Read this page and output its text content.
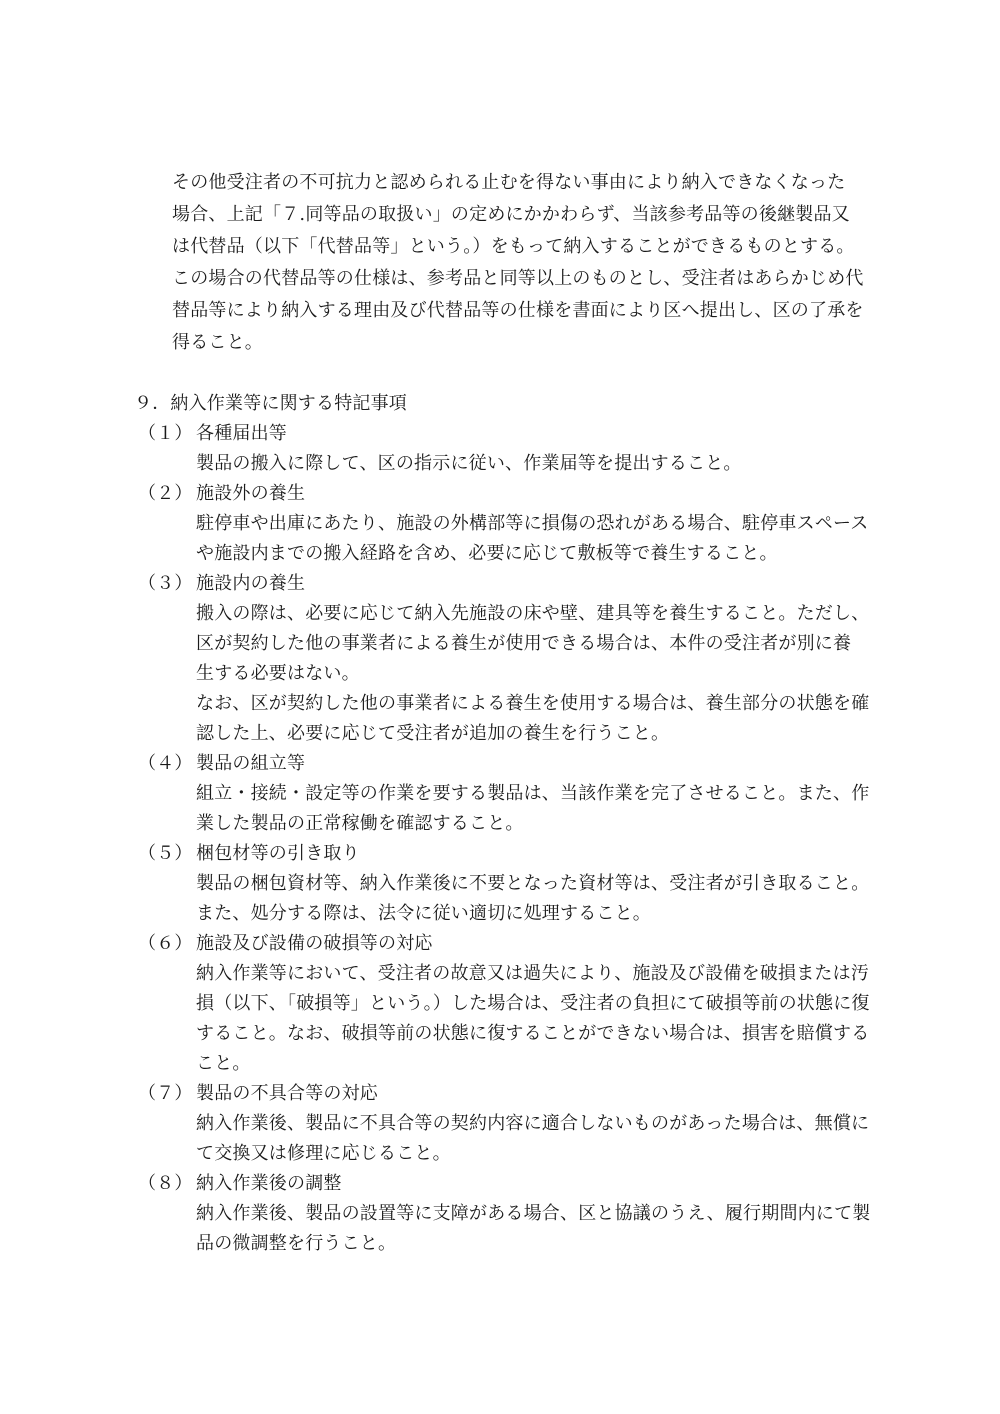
その他受注者の不可抗力と認められる止むを得ない事由により納入できなくなった
場合、上記「７.同等品の取扱い」の定めにかかわらず、当該参考品等の後継製品又
は代替品（以下「代替品等」という。）をもって納入することができるものとする。
この場合の代替品等の仕様は、参考品と同等以上のものとし、受注者はあらかじめ代
替品等により納入する理由及び代替品等の仕様を書面により区へ提出し、区の了承を
得ること。
９．納入作業等に関する特記事項
（１） 各種届出等
製品の搬入に際して、区の指示に従い、作業届等を提出すること。
（２） 施設外の養生
駐停車や出庫にあたり、施設の外構部等に損傷の恐れがある場合、駐停車スペース
や施設内までの搬入経路を含め、必要に応じて敷板等で養生すること。
（３） 施設内の養生
搬入の際は、必要に応じて納入先施設の床や壁、建具等を養生すること。ただし、
区が契約した他の事業者による養生が使用できる場合は、本件の受注者が別に養
生する必要はない。
なお、区が契約した他の事業者による養生を使用する場合は、養生部分の状態を確
認した上、必要に応じて受注者が追加の養生を行うこと。
（４） 製品の組立等
組立・接続・設定等の作業を要する製品は、当該作業を完了させること。また、作
業した製品の正常稼働を確認すること。
（５） 梱包材等の引き取り
製品の梱包資材等、納入作業後に不要となった資材等は、受注者が引き取ること。
また、処分する際は、法令に従い適切に処理すること。
（６） 施設及び設備の破損等の対応
納入作業等において、受注者の故意又は過失により、施設及び設備を破損または汚
損（以下、「破損等」という。）した場合は、受注者の負担にて破損等前の状態に復
すること。なお、破損等前の状態に復することができない場合は、損害を賠償する
こと。
（７） 製品の不具合等の対応
納入作業後、製品に不具合等の契約内容に適合しないものがあった場合は、無償に
て交換又は修理に応じること。
（８） 納入作業後の調整
納入作業後、製品の設置等に支障がある場合、区と協議のうえ、履行期間内にて製
品の微調整を行うこと。
